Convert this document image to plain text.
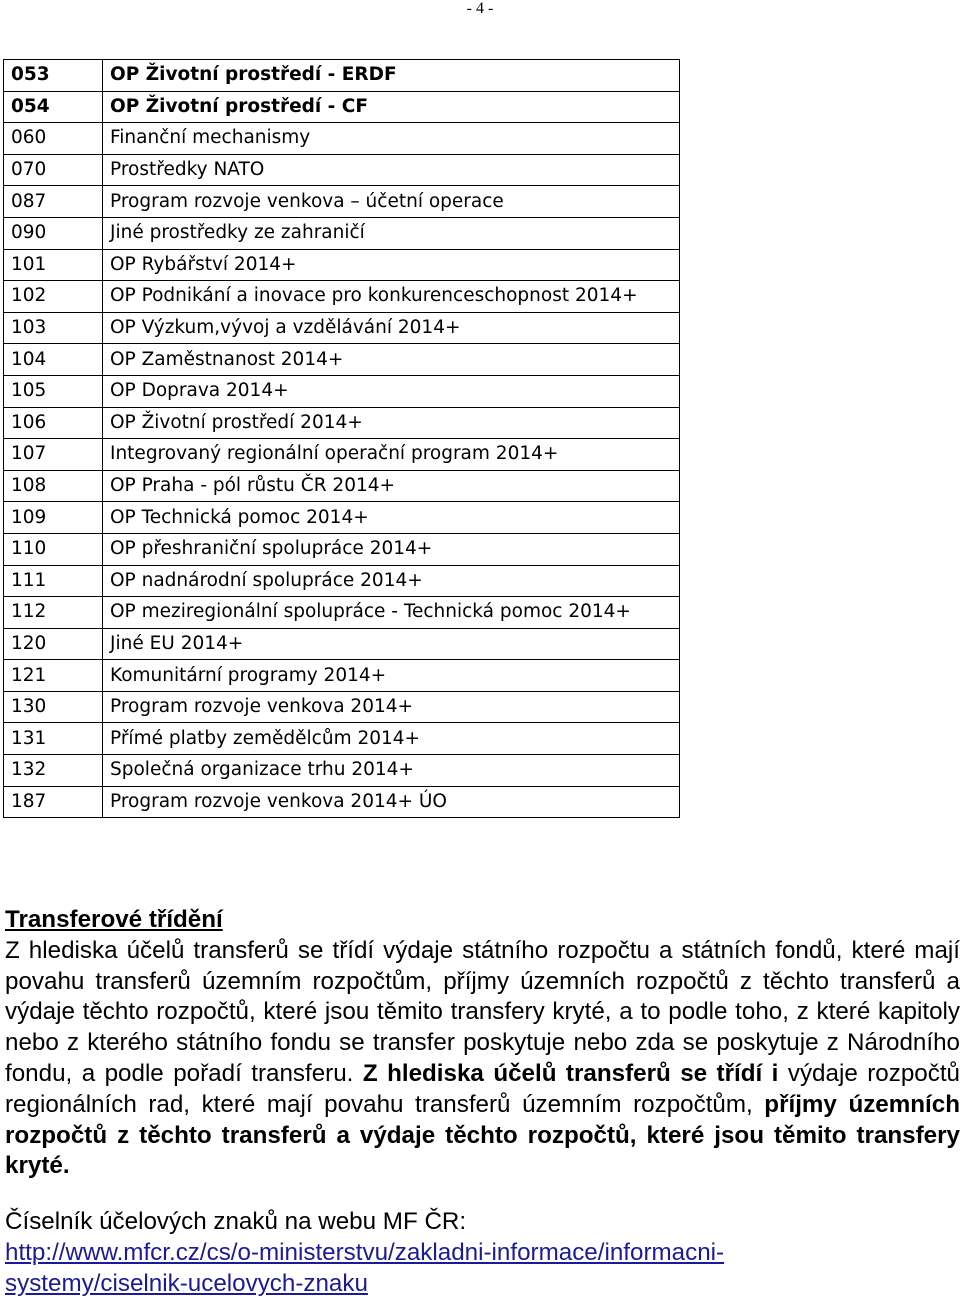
- 4 -
053	OP Životní prostředí - ERDF
054	OP Životní prostředí - CF
060	Finanční mechanismy
070	Prostředky NATO
087	Program rozvoje venkova – účetní operace
090	Jiné prostředky ze zahraničí
101	OP Rybářství 2014+
102	OP Podnikání a inovace pro konkurenceschopnost 2014+
103	OP Výzkum,vývoj a vzdělávání 2014+
104	OP Zaměstnanost 2014+
105	OP Doprava 2014+
106	OP Životní prostředí 2014+
107	Integrovaný regionální operační program 2014+
108	OP Praha - pól růstu ČR 2014+
109	OP Technická pomoc 2014+
110	OP přeshraniční spolupráce 2014+
111	OP nadnárodní spolupráce 2014+
112	OP meziregionální spolupráce - Technická pomoc 2014+
120	Jiné EU 2014+
121	Komunitární programy 2014+
130	Program rozvoje venkova 2014+
131	Přímé platby zemědělcům 2014+
132	Společná organizace trhu 2014+
187	Program rozvoje venkova 2014+ ÚO

Transferové třídění

Z hlediska účelů transferů se třídí výdaje státního rozpočtu a státních fondů, které mají povahu transferů územním rozpočtům, příjmy územních rozpočtů z těchto transferů a výdaje těchto rozpočtů, které jsou těmito transfery kryté, a to podle toho, z které kapitoly nebo z kterého státního fondu se transfer poskytuje nebo zda se poskytuje z Národního fondu, a podle pořadí transferu. Z hlediska účelů transferů se třídí i výdaje rozpočtů regionálních rad, které mají povahu transferů územním rozpočtům, příjmy územních rozpočtů z těchto transferů a výdaje těchto rozpočtů, které jsou těmito transfery kryté.

Číselník účelových znaků na webu MF ČR:

http://www.mfcr.cz/cs/o-ministerstvu/zakladni-informace/informacni-

systemy/ciselnik-ucelovych-znaku
